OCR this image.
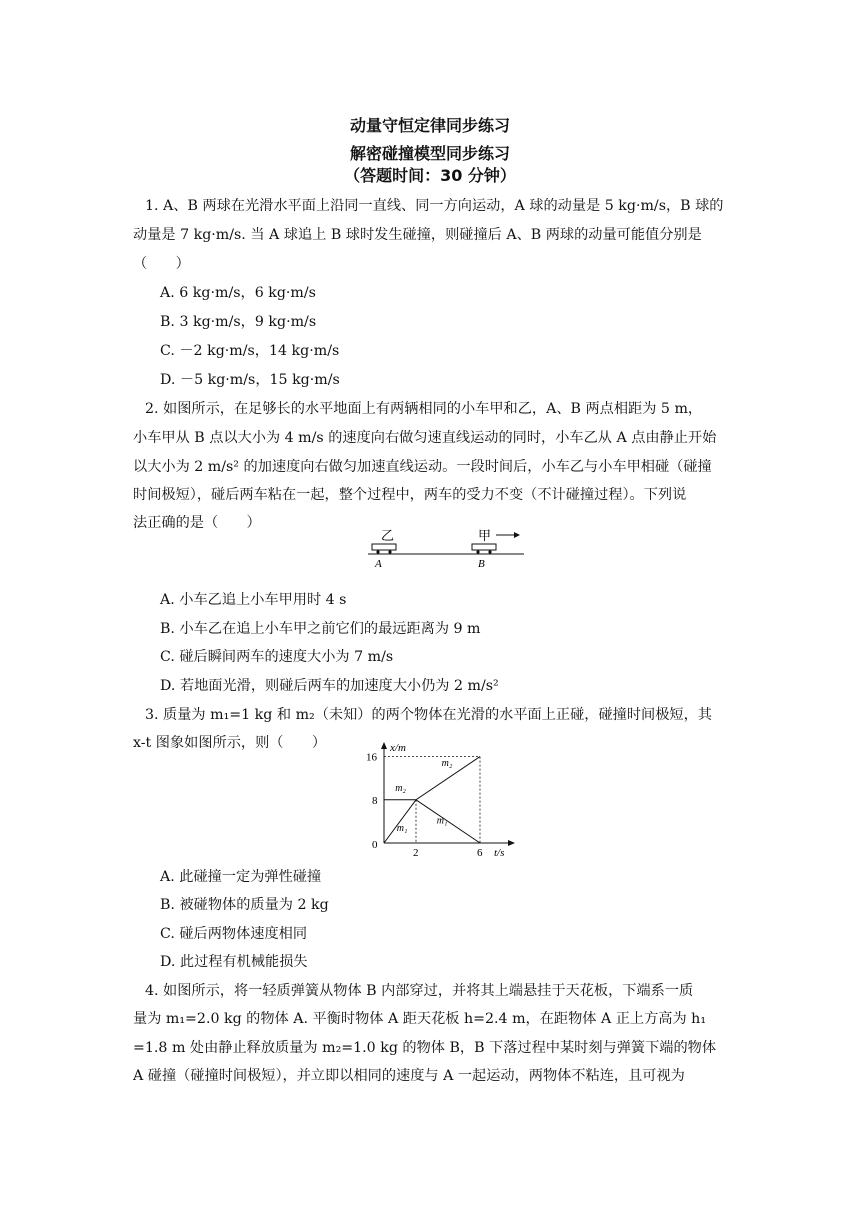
动量守恒定律同步练习
解密碰撞模型同步练习
（答题时间：30 分钟）
1. A、B 两球在光滑水平面上沿同一直线、同一方向运动，A 球的动量是 5 kg·m/s，B 球的
动量是 7 kg·m/s. 当 A 球追上 B 球时发生碰撞，则碰撞后 A、B 两球的动量可能值分别是
（　　）
A. 6 kg·m/s，6 kg·m/s
B. 3 kg·m/s，9 kg·m/s
C. －2 kg·m/s，14 kg·m/s
D. －5 kg·m/s，15 kg·m/s
2. 如图所示，在足够长的水平地面上有两辆相同的小车甲和乙，A、B 两点相距为 5 m，
小车甲从 B 点以大小为 4 m/s 的速度向右做匀速直线运动的同时，小车乙从 A 点由静止开始
以大小为 2 m/s² 的加速度向右做匀加速直线运动。一段时间后，小车乙与小车甲相碰（碰撞
时间极短），碰后两车粘在一起，整个过程中，两车的受力不变（不计碰撞过程）。下列说
法正确的是（　　）
乙	甲
A	B
A. 小车乙追上小车甲用时 4 s
B. 小车乙在追上小车甲之前它们的最远距离为 9 m
C. 碰后瞬间两车的速度大小为 7 m/s
D. 若地面光滑，则碰后两车的加速度大小仍为 2 m/s²
3. 质量为 m₁=1 kg 和 m₂（未知）的两个物体在光滑的水平面上正碰，碰撞时间极短，其
x-t 图象如图所示，则（　　）	x/m
t/s
0
2	6
8
16
m₁
m₁
m₂
m₂
A. 此碰撞一定为弹性碰撞
B. 被碰物体的质量为 2 kg
C. 碰后两物体速度相同
D. 此过程有机械能损失
4. 如图所示，将一轻质弹簧从物体 B 内部穿过，并将其上端悬挂于天花板，下端系一质
量为 m₁=2.0 kg 的物体 A. 平衡时物体 A 距天花板 h=2.4 m，在距物体 A 正上方高为 h₁
=1.8 m 处由静止释放质量为 m₂=1.0 kg 的物体 B，B 下落过程中某时刻与弹簧下端的物体
A 碰撞（碰撞时间极短），并立即以相同的速度与 A 一起运动，两物体不粘连，且可视为
